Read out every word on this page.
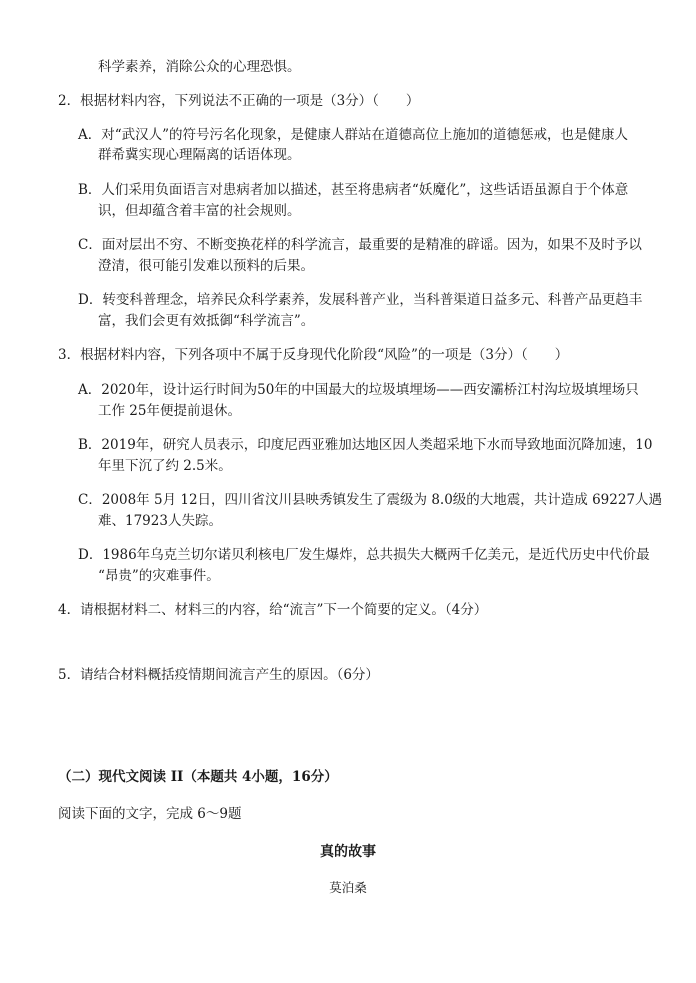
科学素养，消除公众的心理恐惧。
2．根据材料内容，下列说法不正确的一项是（3分）（　　）
A．对“武汉人”的符号污名化现象，是健康人群站在道德高位上施加的道德惩戒，也是健康人
群希冀实现心理隔离的话语体现。
B．人们采用负面语言对患病者加以描述，甚至将患病者“妖魔化”，这些话语虽源自于个体意
识，但却蕴含着丰富的社会规则。
C．面对层出不穷、不断变换花样的科学流言，最重要的是精准的辟谣。因为，如果不及时予以
澄清，很可能引发难以预料的后果。
D．转变科普理念，培养民众科学素养，发展科普产业，当科普渠道日益多元、科普产品更趋丰
富，我们会更有效抵御“科学流言”。
3．根据材料内容，下列各项中不属于反身现代化阶段“风险”的一项是（3分）（　　）
A．2020年，设计运行时间为50年的中国最大的垃圾填埋场——西安灞桥江村沟垃圾填埋场只
工作 25年便提前退休。
B．2019年，研究人员表示，印度尼西亚雅加达地区因人类超采地下水而导致地面沉降加速，10
年里下沉了约 2.5米。
C．2008年 5月 12日，四川省汶川县映秀镇发生了震级为 8.0级的大地震，共计造成 69227人遇
难、17923人失踪。
D．1986年乌克兰切尔诺贝利核电厂发生爆炸，总共损失大概两千亿美元，是近代历史中代价最
“昂贵”的灾难事件。
4．请根据材料二、材料三的内容，给“流言”下一个简要的定义。（4分）
5．请结合材料概括疫情期间流言产生的原因。（6分）
（二）现代文阅读 II（本题共 4小题，16分）
阅读下面的文字，完成 6～9题
真的故事
莫泊桑
